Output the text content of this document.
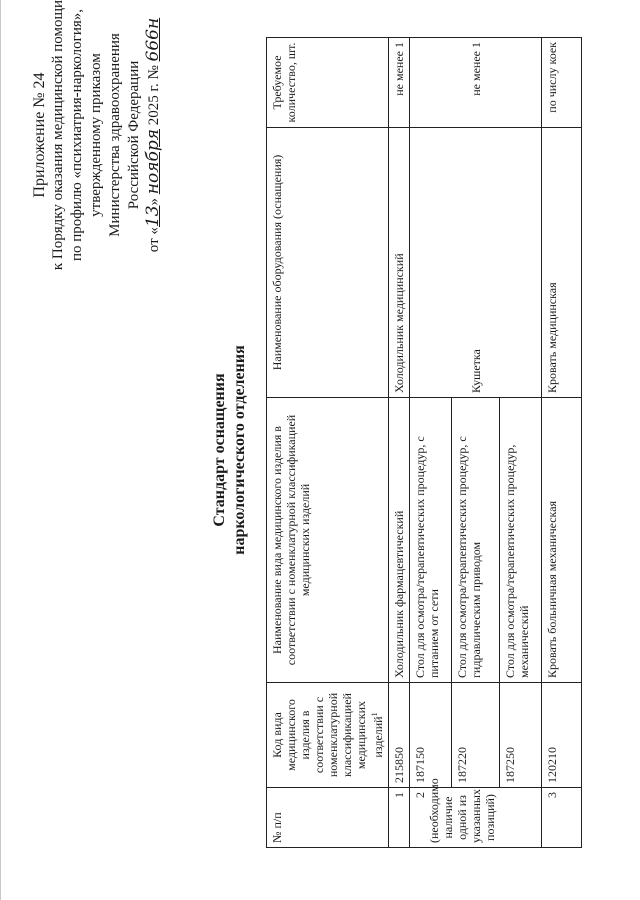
Приложение № 24 к Порядку оказания медицинской помощи по профилю «психиатрия-наркология», утвержденному приказом Министерства здравоохранения Российской Федерации
от «13» ноября 2025 г. № 666н
Стандарт оснащения наркологического отделения
№ п/п	Код вида медицинского изделия в соответствии с номенклатурной классификацией медицинских изделий$^1$	Наименование вида медицинского изделия в соответствии с номенклатурной классификацией медицинских изделий	Наименование оборудования (оснащения)	Требуемое количество, шт.
1	215850	Холодильник фармацевтический	Холодильник медицинский	не менее 1

2 (необходимо наличие одной из указанных позиций)	187150	Стол для осмотра/терапевтических процедур, с питанием от сети	Кушетка	не менее 1
	187220	Стол для осмотра/терапевтических процедур, с гидравлическим приводом		
	187250	Стол для осмотра/терапевтических процедур, механический		
3	120210	Кровать больничная механическая	Кровать медицинская	по числу коек
